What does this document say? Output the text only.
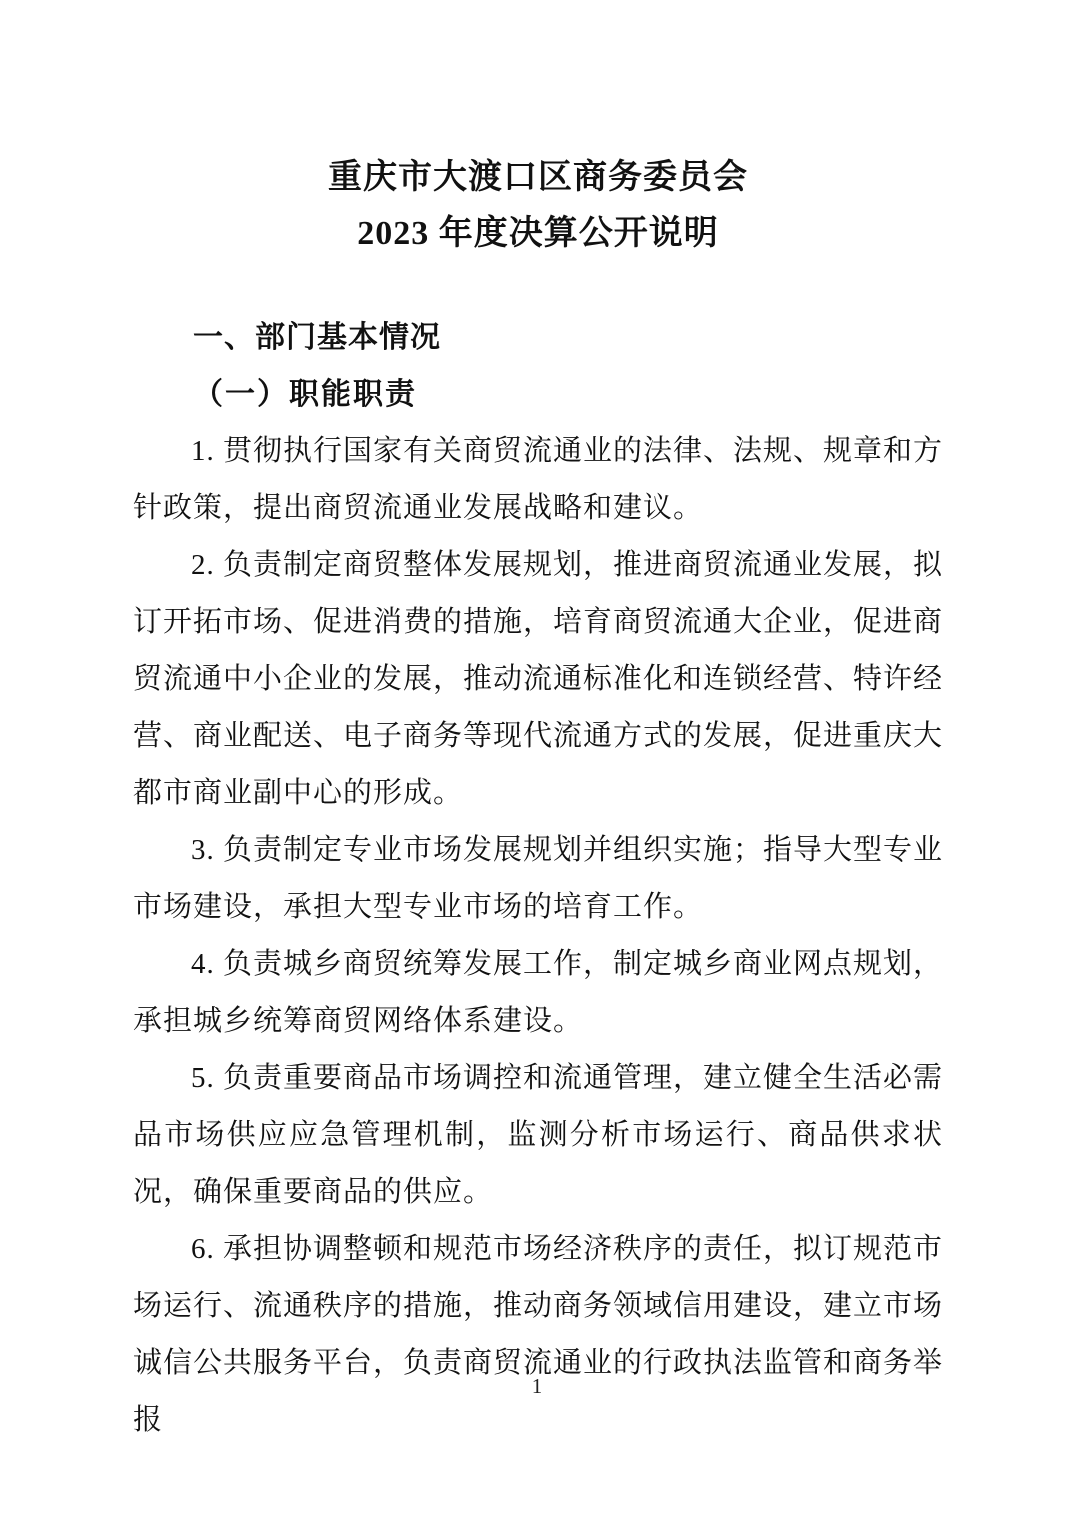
重庆市大渡口区商务委员会
2023 年度决算公开说明
一、部门基本情况
（一）职能职责

1. 贯彻执行国家有关商贸流通业的法律、法规、规章和方针政策，提出商贸流通业发展战略和建议。

2. 负责制定商贸整体发展规划，推进商贸流通业发展，拟订开拓市场、促进消费的措施，培育商贸流通大企业，促进商贸流通中小企业的发展，推动流通标准化和连锁经营、特许经营、商业配送、电子商务等现代流通方式的发展，促进重庆大都市商业副中心的形成。

3. 负责制定专业市场发展规划并组织实施；指导大型专业市场建设，承担大型专业市场的培育工作。

4. 负责城乡商贸统筹发展工作，制定城乡商业网点规划，承担城乡统筹商贸网络体系建设。

5. 负责重要商品市场调控和流通管理，建立健全生活必需品市场供应应急管理机制，监测分析市场运行、商品供求状况，确保重要商品的供应。

6. 承担协调整顿和规范市场经济秩序的责任，拟订规范市场运行、流通秩序的措施，推动商务领域信用建设，建立市场诚信公共服务平台，负责商贸流通业的行政执法监管和商务举报

1
